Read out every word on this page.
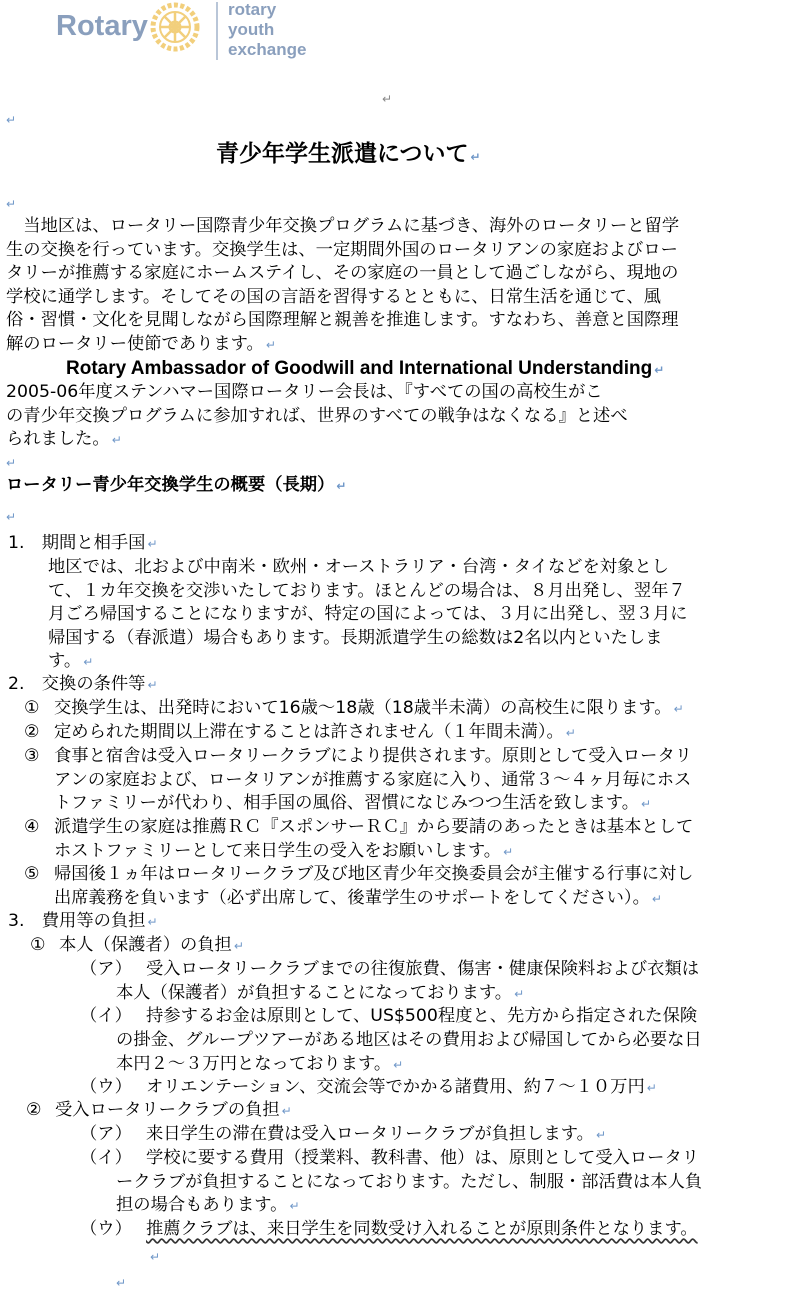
Rotary
rotary
youth
exchange
↵
↵
青少年学生派遣について ↵
↵
　当地区は、ロータリー国際青少年交換プログラムに基づき、海外のロータリーと留学
生の交換を行っています。交換学生は、一定期間外国のロータリアンの家庭およびロー
タリーが推薦する家庭にホームステイし、その家庭の一員として過ごしながら、現地の
学校に通学します。そしてその国の言語を習得するとともに、日常生活を通じて、風
俗・習慣・文化を見聞しながら国際理解と親善を推進します。すなわち、善意と国際理
解のロータリー使節であります。 ↵
Rotary Ambassador of Goodwill and International Understanding ↵
2005-06年度ステンハマー国際ロータリー会長は、『すべての国の高校生がこ
の青少年交換プログラムに参加すれば、世界のすべての戦争はなくなる』と述べ
られました。 ↵
↵
ロータリー青少年交換学生の概要（長期） ↵
↵
1.　期間と相手国 ↵
地区では、北および中南米・欧州・オーストラリア・台湾・タイなどを対象とし
て、１カ年交換を交渉いたしております。ほとんどの場合は、８月出発し、翌年７
月ごろ帰国することになりますが、特定の国によっては、３月に出発し、翌３月に
帰国する（春派遣）場合もあります。長期派遣学生の総数は2名以内といたしま
す。 ↵
2.　交換の条件等 ↵
① 交換学生は、出発時において16歳～18歳（18歳半未満）の高校生に限ります。 ↵
② 定められた期間以上滞在することは許されません（１年間未満）。 ↵
③ 食事と宿舎は受入ロータリークラブにより提供されます。原則として受入ロータリ
アンの家庭および、ロータリアンが推薦する家庭に入り、通常３～４ヶ月毎にホス
トファミリーが代わり、相手国の風俗、習慣になじみつつ生活を致します。 ↵
④ 派遣学生の家庭は推薦ＲＣ『スポンサーＲＣ』から要請のあったときは基本として
ホストファミリーとして来日学生の受入をお願いします。 ↵
⑤ 帰国後１ヵ年はロータリークラブ及び地区青少年交換委員会が主催する行事に対し
出席義務を負います（必ず出席して、後輩学生のサポートをしてください）。 ↵
3.　費用等の負担 ↵
① 本人（保護者）の負担 ↵
（ア） 受入ロータリークラブまでの往復旅費、傷害・健康保険料および衣類は
本人（保護者）が負担することになっております。 ↵
（イ） 持参するお金は原則として、US$500程度と、先方から指定された保険
の掛金、グループツアーがある地区はその費用および帰国してから必要な日
本円２～３万円となっております。 ↵
（ウ） オリエンテーション、交流会等でかかる諸費用、約７～１０万円 ↵
② 受入ロータリークラブの負担 ↵
（ア） 来日学生の滞在費は受入ロータリークラブが負担します。 ↵
（イ） 学校に要する費用（授業料、教科書、他）は、原則として受入ロータリ
ークラブが負担することになっております。ただし、制服・部活費は本人負
担の場合もあります。 ↵
（ウ） 推薦クラブは、来日学生を同数受け入れることが原則条件となります。
↵
↵
